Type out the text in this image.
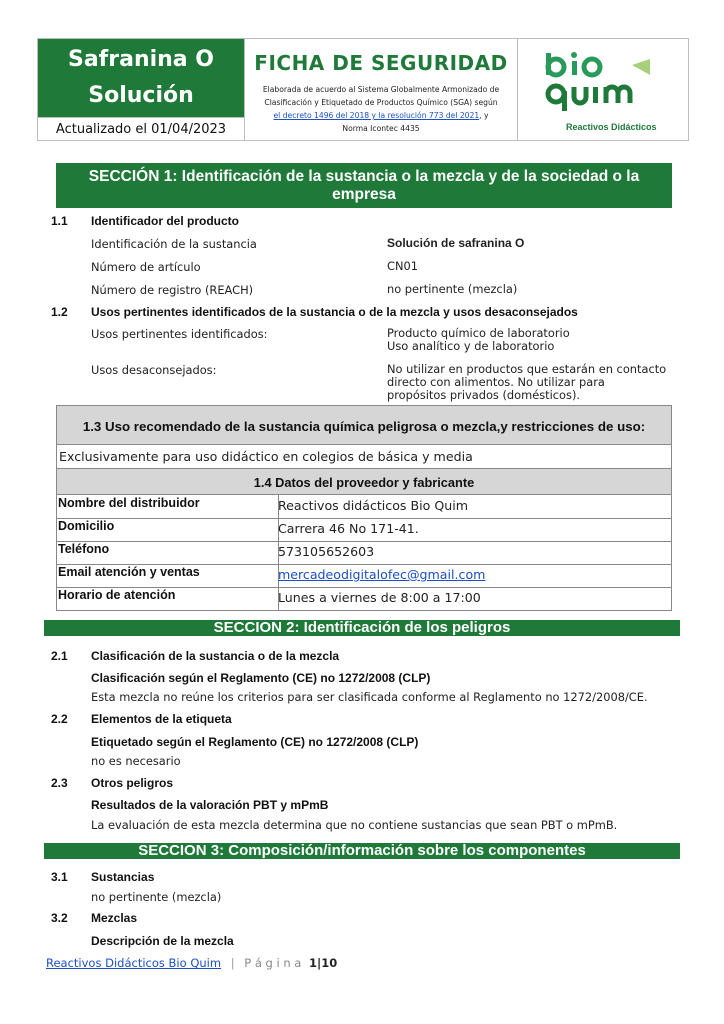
Safranina O
Solución
Actualizado el 01/04/2023
FICHA DE SEGURIDAD
Elaborada de acuerdo al Sistema Globalmente Armonizado de
Clasificación y Etiquetado de Productos Químico (SGA) según
el decreto 1496 del 2018 y la resolución 773 del 2021, y
Norma Icontec 4435	Reactivos Didácticos
SECCIÓN 1: Identificación de la sustancia o la mezcla y de la sociedad o la empresa
1.1 Identificador del producto
Identificación de la sustancia	Solución de safranina O
Número de artículo	CN01
Número de registro (REACH)	no pertinente (mezcla)
1.2 Usos pertinentes identificados de la sustancia o de la mezcla y usos desaconsejados
Usos pertinentes identificados:	Producto químico de laboratorio
Uso analítico y de laboratorio
Usos desaconsejados:	No utilizar en productos que estarán en contacto
directo con alimentos. No utilizar para
propósitos privados (domésticos).
1.3 Uso recomendado de la sustancia química peligrosa o mezcla,y restricciones de uso:
Exclusivamente para uso didáctico en colegios de básica y media
1.4 Datos del proveedor y fabricante
Nombre del distribuidor	Reactivos didácticos Bio Quim
Domicilio	Carrera 46 No 171-41.
Teléfono	573105652603
Email atención y ventas	mercadeodigitalofec@gmail.com
Horario de atención	Lunes a viernes de 8:00 a 17:00
SECCION 2: Identificación de los peligros
2.1 Clasificación de la sustancia o de la mezcla
Clasificación según el Reglamento (CE) no 1272/2008 (CLP)
Esta mezcla no reúne los criterios para ser clasificada conforme al Reglamento no 1272/2008/CE.
2.2 Elementos de la etiqueta
Etiquetado según el Reglamento (CE) no 1272/2008 (CLP)
no es necesario
2.3 Otros peligros
Resultados de la valoración PBT y mPmB
La evaluación de esta mezcla determina que no contiene sustancias que sean PBT o mPmB.
SECCION 3: Composición/información sobre los componentes
3.1 Sustancias
no pertinente (mezcla)
3.2 Mezclas
Descripción de la mezcla
Reactivos Didácticos Bio Quim | P á g i n a 1|10
